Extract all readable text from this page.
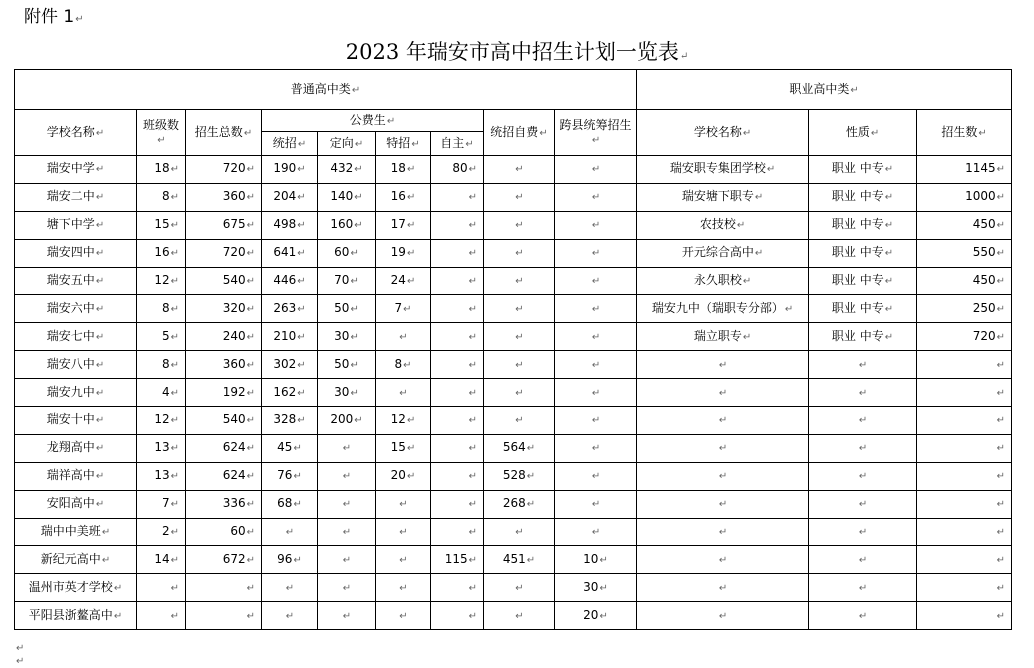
附件 1↵
2023 年瑞安市高中招生计划一览表↵
普通高中类↵									职业高中类↵		
学校名称↵	班级数↵	招生总数↵	公费生↵				统招自费↵	跨县统筹招生↵	学校名称↵	性质↵	招生数↵
			统招↵	定向↵	特招↵	自主↵					
瑞安中学↵	18↵	720↵	190↵	432↵	18↵	80↵	↵	↵	瑞安职专集团学校↵	职业 中专↵	1145↵
瑞安二中↵	8↵	360↵	204↵	140↵	16↵	↵	↵	↵	瑞安塘下职专↵	职业 中专↵	1000↵
塘下中学↵	15↵	675↵	498↵	160↵	17↵	↵	↵	↵	农技校↵	职业 中专↵	450↵
瑞安四中↵	16↵	720↵	641↵	60↵	19↵	↵	↵	↵	开元综合高中↵	职业 中专↵	550↵
瑞安五中↵	12↵	540↵	446↵	70↵	24↵	↵	↵	↵	永久职校↵	职业 中专↵	450↵
瑞安六中↵	8↵	320↵	263↵	50↵	7↵	↵	↵	↵	瑞安九中（瑞职专分部）↵	职业 中专↵	250↵
瑞安七中↵	5↵	240↵	210↵	30↵	↵	↵	↵	↵	瑞立职专↵	职业 中专↵	720↵
瑞安八中↵	8↵	360↵	302↵	50↵	8↵	↵	↵	↵	↵	↵	↵
瑞安九中↵	4↵	192↵	162↵	30↵	↵	↵	↵	↵	↵	↵	↵
瑞安十中↵	12↵	540↵	328↵	200↵	12↵	↵	↵	↵	↵	↵	↵
龙翔高中↵	13↵	624↵	45↵	↵	15↵	↵	564↵	↵	↵	↵	↵
瑞祥高中↵	13↵	624↵	76↵	↵	20↵	↵	528↵	↵	↵	↵	↵
安阳高中↵	7↵	336↵	68↵	↵	↵	↵	268↵	↵	↵	↵	↵
瑞中中美班↵	2↵	60↵	↵	↵	↵	↵	↵	↵	↵	↵	↵
新纪元高中↵	14↵	672↵	96↵	↵	↵	115↵	451↵	10↵	↵	↵	↵
温州市英才学校↵	↵	↵	↵	↵	↵	↵	↵	30↵	↵	↵	↵
平阳县浙鳌高中↵	↵	↵	↵	↵	↵	↵	↵	20↵	↵	↵	↵
↵
↵
